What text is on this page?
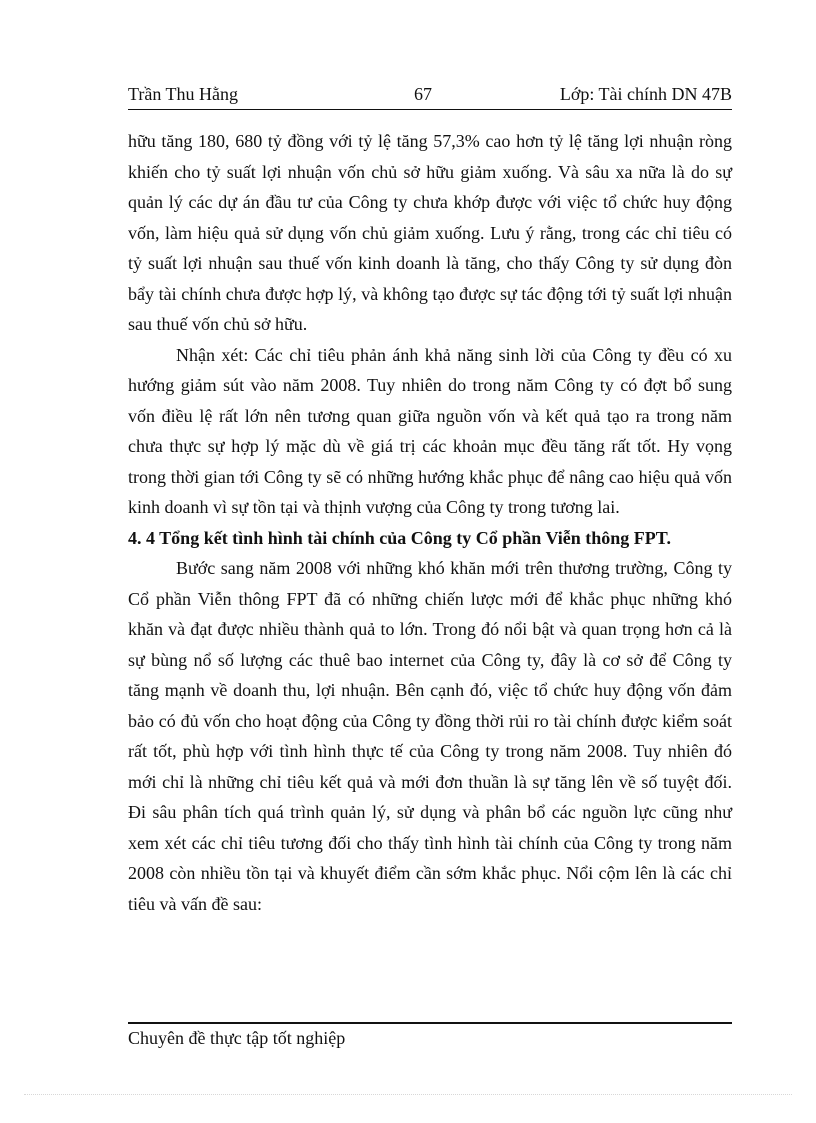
Trần Thu Hằng	67	Lớp: Tài chính DN 47B

hữu tăng 180, 680 tỷ đồng với tỷ lệ tăng 57,3% cao hơn tỷ lệ tăng lợi nhuận ròng khiến cho tỷ suất lợi nhuận vốn chủ sở hữu giảm xuống. Và sâu xa nữa là do sự quản lý các dự án đầu tư của Công ty chưa khớp được với việc tổ chức huy động vốn, làm hiệu quả sử dụng vốn chủ giảm xuống. Lưu ý rằng, trong các chỉ tiêu có tỷ suất lợi nhuận sau thuế vốn kinh doanh là tăng, cho thấy Công ty sử dụng đòn bẩy tài chính chưa được hợp lý, và không tạo được sự tác động tới tỷ suất lợi nhuận sau thuế vốn chủ sở hữu.

Nhận xét: Các chỉ tiêu phản ánh khả năng sinh lời của Công ty đều có xu hướng giảm sút vào năm 2008. Tuy nhiên do trong năm Công ty có đợt bổ sung vốn điều lệ rất lớn nên tương quan giữa nguồn vốn và kết quả tạo ra trong năm chưa thực sự hợp lý mặc dù về giá trị các khoản mục đều tăng rất tốt. Hy vọng trong thời gian tới Công ty sẽ có những hướng khắc phục để nâng cao hiệu quả vốn kinh doanh vì sự tồn tại và thịnh vượng của Công ty trong tương lai.

4. 4 Tổng kết tình hình tài chính của Công ty Cổ phần Viễn thông FPT.

Bước sang năm 2008 với những khó khăn mới trên thương trường, Công ty Cổ phần Viễn thông FPT đã có những chiến lược mới để khắc phục những khó khăn và đạt được nhiều thành quả to lớn. Trong đó nổi bật và quan trọng hơn cả là sự bùng nổ số lượng các thuê bao internet của Công ty, đây là cơ sở để Công ty tăng mạnh về doanh thu, lợi nhuận. Bên cạnh đó, việc tổ chức huy động vốn đảm bảo có đủ vốn cho hoạt động của Công ty đồng thời rủi ro tài chính được kiểm soát rất tốt, phù hợp với tình hình thực tế của Công ty trong năm 2008. Tuy nhiên đó mới chỉ là những chỉ tiêu kết quả và mới đơn thuần là sự tăng lên về số tuyệt đối. Đi sâu phân tích quá trình quản lý, sử dụng và phân bổ các nguồn lực cũng như xem xét các chỉ tiêu tương đối cho thấy tình hình tài chính của Công ty trong năm 2008 còn nhiều tồn tại và khuyết điểm cần sớm khắc phục. Nổi cộm lên là các chỉ tiêu và vấn đề sau:

Chuyên đề thực tập tốt nghiệp
